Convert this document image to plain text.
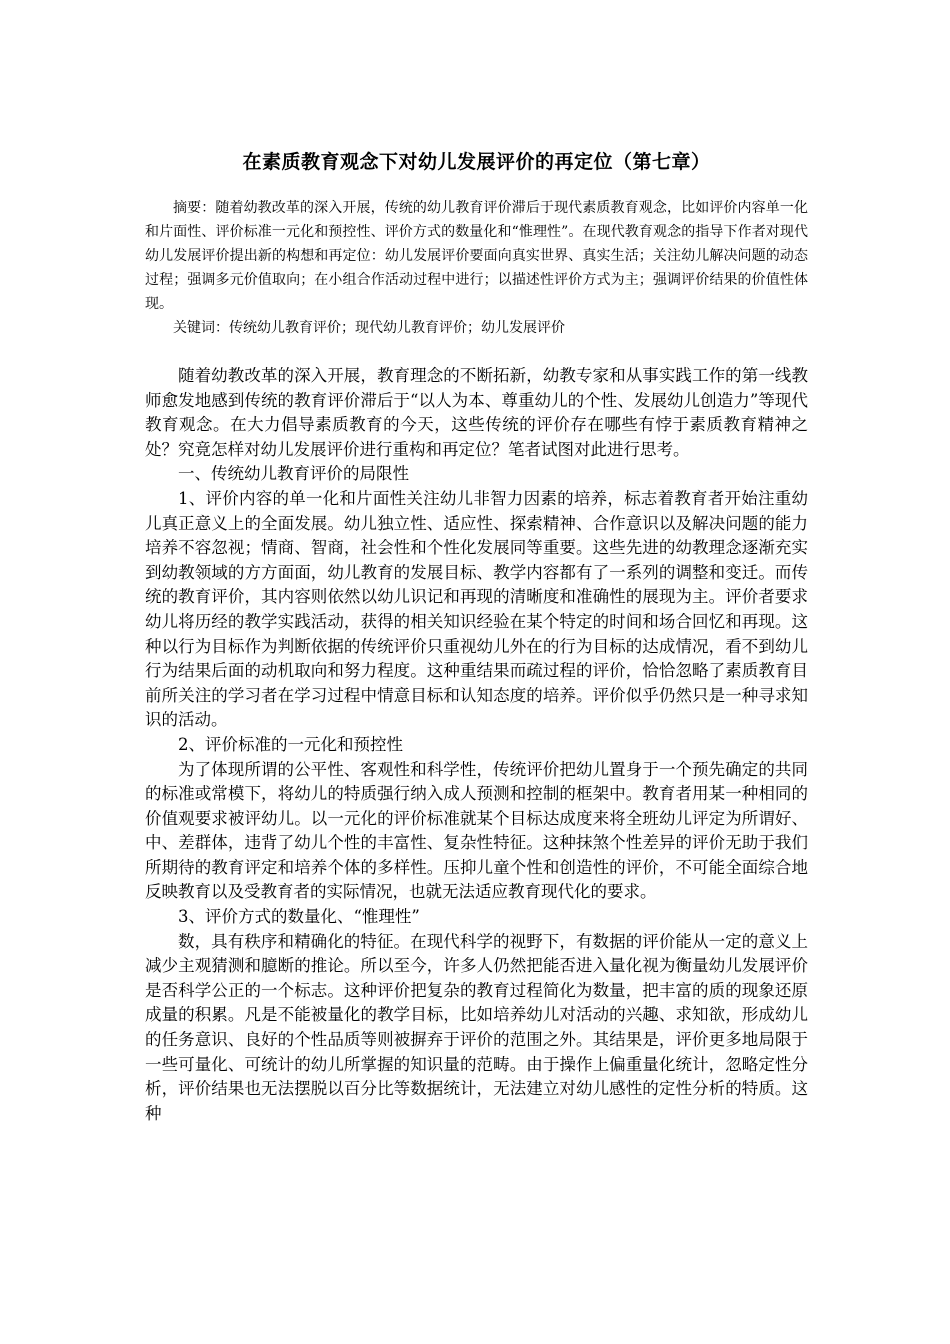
在素质教育观念下对幼儿发展评价的再定位（第七章）

摘要：随着幼教改革的深入开展，传统的幼儿教育评价滞后于现代素质教育观念，比如评价内容单一化和片面性、评价标准一元化和预控性、评价方式的数量化和“惟理性”。在现代教育观念的指导下作者对现代幼儿发展评价提出新的构想和再定位：幼儿发展评价要面向真实世界、真实生活；关注幼儿解决问题的动态过程；强调多元价值取向；在小组合作活动过程中进行；以描述性评价方式为主；强调评价结果的价值性体现。

关键词：传统幼儿教育评价；现代幼儿教育评价；幼儿发展评价

随着幼教改革的深入开展，教育理念的不断拓新，幼教专家和从事实践工作的第一线教师愈发地感到传统的教育评价滞后于“以人为本、尊重幼儿的个性、发展幼儿创造力”等现代教育观念。在大力倡导素质教育的今天，这些传统的评价存在哪些有悖于素质教育精神之处？究竟怎样对幼儿发展评价进行重构和再定位？笔者试图对此进行思考。

一、传统幼儿教育评价的局限性

1、评价内容的单一化和片面性关注幼儿非智力因素的培养，标志着教育者开始注重幼儿真正意义上的全面发展。幼儿独立性、适应性、探索精神、合作意识以及解决问题的能力培养不容忽视；情商、智商，社会性和个性化发展同等重要。这些先进的幼教理念逐渐充实到幼教领域的方方面面，幼儿教育的发展目标、教学内容都有了一系列的调整和变迁。而传统的教育评价，其内容则依然以幼儿识记和再现的清晰度和准确性的展现为主。评价者要求幼儿将历经的教学实践活动，获得的相关知识经验在某个特定的时间和场合回忆和再现。这种以行为目标作为判断依据的传统评价只重视幼儿外在的行为目标的达成情况，看不到幼儿行为结果后面的动机取向和努力程度。这种重结果而疏过程的评价，恰恰忽略了素质教育目前所关注的学习者在学习过程中情意目标和认知态度的培养。评价似乎仍然只是一种寻求知识的活动。

2、评价标准的一元化和预控性

为了体现所谓的公平性、客观性和科学性，传统评价把幼儿置身于一个预先确定的共同的标准或常模下，将幼儿的特质强行纳入成人预测和控制的框架中。教育者用某一种相同的价值观要求被评幼儿。以一元化的评价标准就某个目标达成度来将全班幼儿评定为所谓好、中、差群体，违背了幼儿个性的丰富性、复杂性特征。这种抹煞个性差异的评价无助于我们所期待的教育评定和培养个体的多样性。压抑儿童个性和创造性的评价，不可能全面综合地反映教育以及受教育者的实际情况，也就无法适应教育现代化的要求。

3、评价方式的数量化、“惟理性”

数，具有秩序和精确化的特征。在现代科学的视野下，有数据的评价能从一定的意义上减少主观猜测和臆断的推论。所以至今，许多人仍然把能否进入量化视为衡量幼儿发展评价是否科学公正的一个标志。这种评价把复杂的教育过程简化为数量，把丰富的质的现象还原成量的积累。凡是不能被量化的教学目标，比如培养幼儿对活动的兴趣、求知欲，形成幼儿的任务意识、良好的个性品质等则被摒弃于评价的范围之外。其结果是，评价更多地局限于一些可量化、可统计的幼儿所掌握的知识量的范畴。由于操作上偏重量化统计，忽略定性分析，评价结果也无法摆脱以百分比等数据统计，无法建立对幼儿感性的定性分析的特质。这种
